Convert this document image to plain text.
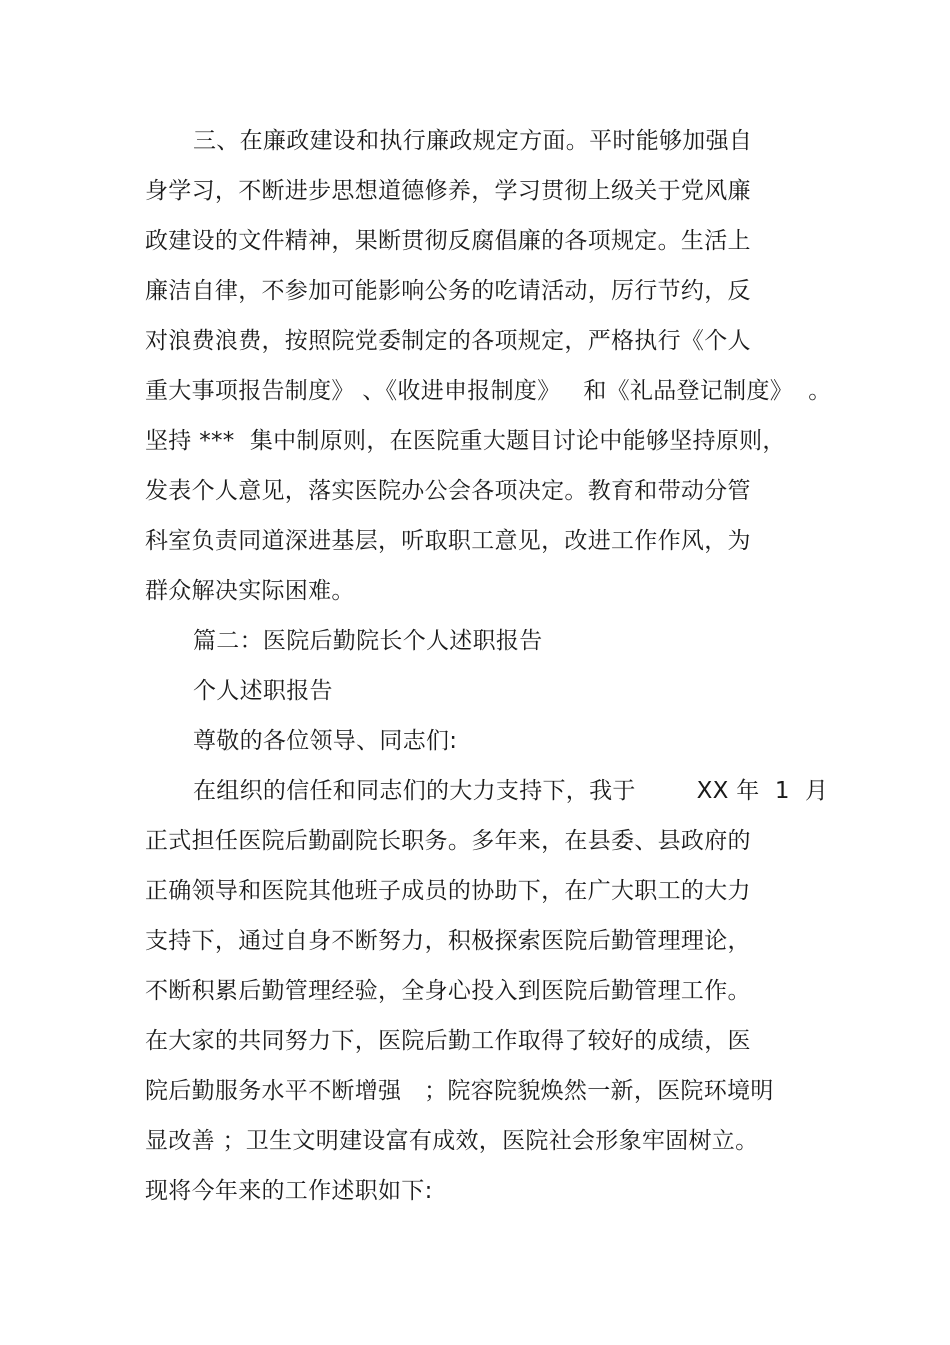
三、在廉政建设和执行廉政规定方面。平时能够加强自
身学习，不断进步思想道德修养，学习贯彻上级关于党风廉
政建设的文件精神，果断贯彻反腐倡廉的各项规定。生活上
廉洁自律，不参加可能影响公务的吃请活动，厉行节约，反
对浪费浪费，按照院党委制定的各项规定，严格执行《个人
重大事项报告制度》 、《收进申报制度》   和《礼品登记制度》  。
坚持 ***  集中制原则，在医院重大题目讨论中能够坚持原则，
发表个人意见，落实医院办公会各项决定。教育和带动分管
科室负责同道深进基层，听取职工意见，改进工作作风，为
群众解决实际困难。
篇二：医院后勤院长个人述职报告
个人述职报告
尊敬的各位领导、同志们:
在组织的信任和同志们的大力支持下，我于        XX 年  1  月
正式担任医院后勤副院长职务。多年来，在县委、县政府的
正确领导和医院其他班子成员的协助下，在广大职工的大力
支持下，通过自身不断努力，积极探索医院后勤管理理论，
不断积累后勤管理经验，全身心投入到医院后勤管理工作。
在大家的共同努力下，医院后勤工作取得了较好的成绩，医
院后勤服务水平不断增强   ；院容院貌焕然一新，医院环境明
显改善 ；卫生文明建设富有成效，医院社会形象牢固树立。
现将今年来的工作述职如下:
